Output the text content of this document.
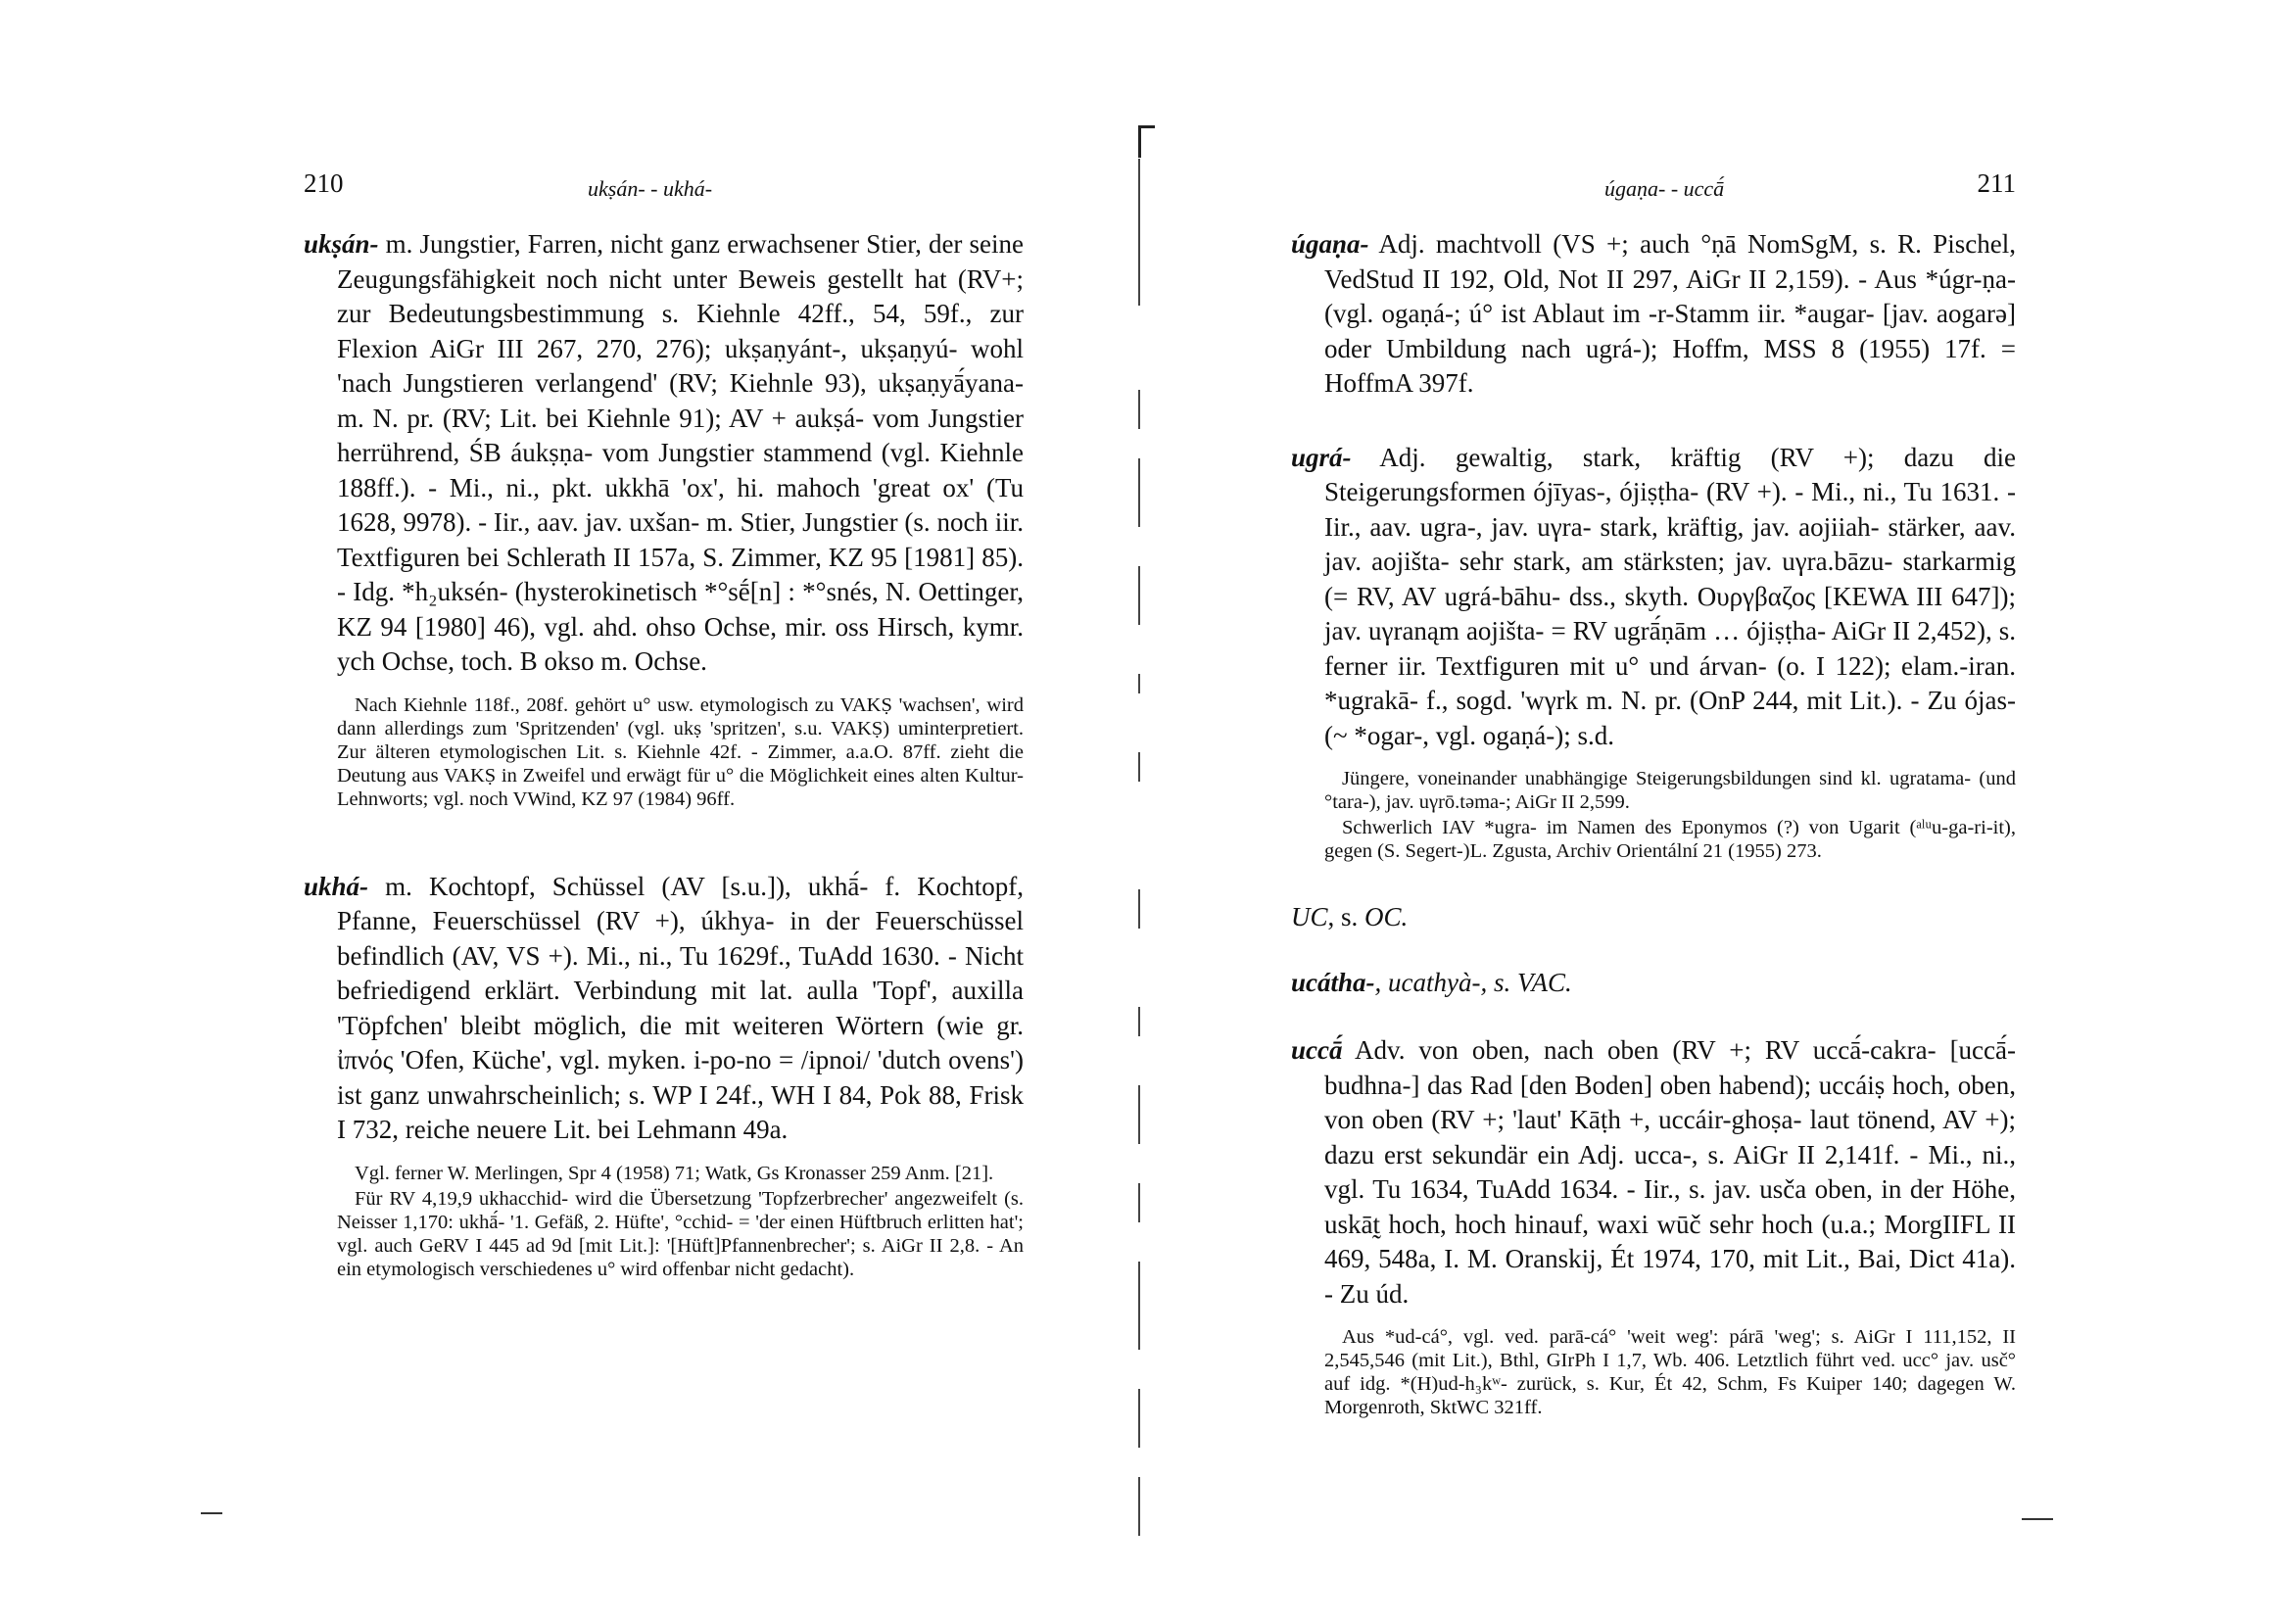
210	ukṣán- - ukhá-

ukṣán- m. Jungstier, Farren, nicht ganz erwachsener Stier, der seine Zeugungsfähigkeit noch nicht unter Beweis gestellt hat (RV+; zur Bedeutungsbestimmung s. Kiehnle 42ff., 54, 59f., zur Flexion AiGr III 267, 270, 276); ukṣaṇyánt-, ukṣaṇyú- wohl 'nach Jungstieren verlangend' (RV; Kiehnle 93), ukṣaṇyā́yana- m. N. pr. (RV; Lit. bei Kiehnle 91); AV + aukṣá- vom Jungstier herrührend, ŚB áukṣṇa- vom Jungstier stammend (vgl. Kiehnle 188ff.). - Mi., ni., pkt. ukkhā 'ox', hi. mahoch 'great ox' (Tu 1628, 9978). - Iir., aav. jav. uxšan- m. Stier, Jungstier (s. noch iir. Textfiguren bei Schlerath II 157a, S. Zimmer, KZ 95 [1981] 85). - Idg. *h₂uksén- (hysterokinetisch *°sḗ[n] : *°snés, N. Oettinger, KZ 94 [1980] 46), vgl. ahd. ohso Ochse, mir. oss Hirsch, kymr. ych Ochse, toch. B okso m. Ochse.

Nach Kiehnle 118f., 208f. gehört u° usw. etymologisch zu VAKṢ 'wachsen', wird dann allerdings zum 'Spritzenden' (vgl. ukṣ 'spritzen', s.u. VAKṢ) uminterpretiert. Zur älteren etymologischen Lit. s. Kiehnle 42f. - Zimmer, a.a.O. 87ff. zieht die Deutung aus VAKṢ in Zweifel und erwägt für u° die Möglichkeit eines alten Kultur-Lehnworts; vgl. noch VWind, KZ 97 (1984) 96ff.

ukhá- m. Kochtopf, Schüssel (AV [s.u.]), ukhā́- f. Kochtopf, Pfanne, Feuerschüssel (RV +), úkhya- in der Feuerschüssel befindlich (AV, VS +). Mi., ni., Tu 1629f., TuAdd 1630. - Nicht befriedigend erklärt. Verbindung mit lat. aulla 'Topf', auxilla 'Töpfchen' bleibt möglich, die mit weiteren Wörtern (wie gr. ἰπνός 'Ofen, Küche', vgl. myken. i-po-no = /ipnoi/ 'dutch ovens') ist ganz unwahrscheinlich; s. WP I 24f., WH I 84, Pok 88, Frisk I 732, reiche neuere Lit. bei Lehmann 49a.

Vgl. ferner W. Merlingen, Spr 4 (1958) 71; Watk, Gs Kronasser 259 Anm. [21].

Für RV 4,19,9 ukhacchid- wird die Übersetzung 'Topfzerbrecher' angezweifelt (s. Neisser 1,170: ukhā́- '1. Gefäß, 2. Hüfte', °cchid- = 'der einen Hüftbruch erlitten hat'; vgl. auch GeRV I 445 ad 9d [mit Lit.]: '[Hüft]Pfannenbrecher'; s. AiGr II 2,8. - An ein etymologisch verschiedenes u° wird offenbar nicht gedacht).

211
úgaṇa- - uccā́

úgaṇa- Adj. machtvoll (VS +; auch °ṇā NomSgM, s. R. Pischel, VedStud II 192, Old, Not II 297, AiGr II 2,159). - Aus *úgr-ṇa- (vgl. ogaṇá-; ú° ist Ablaut im -r-Stamm iir. *augar- [jav. aogarə] oder Umbildung nach ugrá-); Hoffm, MSS 8 (1955) 17f. = HoffmA 397f.

ugrá- Adj. gewaltig, stark, kräftig (RV +); dazu die Steigerungsformen ójīyas-, ójiṣṭha- (RV +). - Mi., ni., Tu 1631. - Iir., aav. ugra-, jav. uγra- stark, kräftig, jav. aojiiah- stärker, aav. jav. aojišta- sehr stark, am stärksten; jav. uγra.bāzu- starkarmig (= RV, AV ugrá-bāhu- dss., skyth. Ουργβαζος [KEWA III 647]); jav. uγranąm aojišta- = RV ugrā́ṇām … ójiṣṭha- AiGr II 2,452), s. ferner iir. Textfiguren mit u° und árvan- (o. I 122); elam.-iran. *ugrakā- f., sogd. 'wγrk m. N. pr. (OnP 244, mit Lit.). - Zu ójas- (~ *ogar-, vgl. ogaṇá-); s.d.

Jüngere, voneinander unabhängige Steigerungsbildungen sind kl. ugratama- (und °tara-), jav. uγrō.təma-; AiGr II 2,599.

Schwerlich IAV *ugra- im Namen des Eponymos (?) von Ugarit (ᵃˡᵘu-ga-ri-it), gegen (S. Segert-)L. Zgusta, Archiv Orientální 21 (1955) 273.

UC, s. OC.

ucátha-, ucathyà-, s. VAC.

uccā́ Adv. von oben, nach oben (RV +; RV uccā́-cakra- [uccā́-budhna-] das Rad [den Boden] oben habend); uccáiṣ hoch, oben, von oben (RV +; 'laut' Kāṭh +, uccáir-ghoṣa- laut tönend, AV +); dazu erst sekundär ein Adj. ucca-, s. AiGr II 2,141f. - Mi., ni., vgl. Tu 1634, TuAdd 1634. - Iir., s. jav. usča oben, in der Höhe, uskāt̰ hoch, hoch hinauf, waxi wūč sehr hoch (u.a.; MorgIIFL II 469, 548a, I. M. Oranskij, Ét 1974, 170, mit Lit., Bai, Dict 41a). - Zu úd.

Aus *ud-cá°, vgl. ved. parā-cá° 'weit weg': párā 'weg'; s. AiGr I 111,152, II 2,545,546 (mit Lit.), Bthl, GIrPh I 1,7, Wb. 406. Letztlich führt ved. ucc° jav. usč° auf idg. *(H)ud-h₃kʷ- zurück, s. Kur, Ét 42, Schm, Fs Kuiper 140; dagegen W. Morgenroth, SktWC 321ff.
